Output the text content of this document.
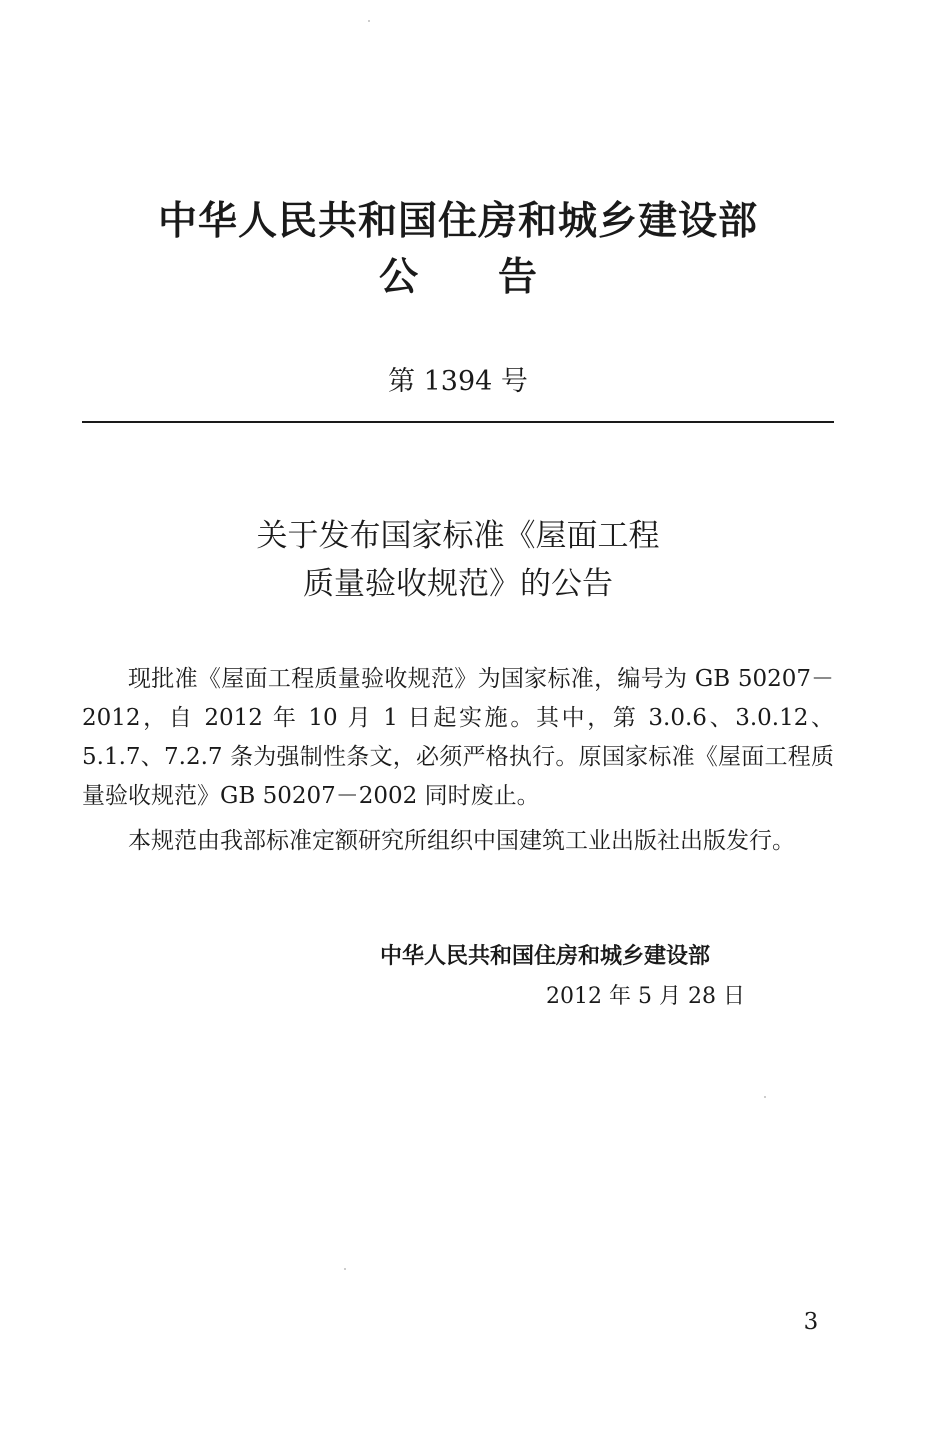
中华人民共和国住房和城乡建设部
公告
第 1394 号
关于发布国家标准《屋面工程
质量验收规范》的公告

现批准《屋面工程质量验收规范》为国家标准，编号为 GB 50207－2012，自 2012 年 10 月 1 日起实施。其中，第 3.0.6、3.0.12、5.1.7、7.2.7 条为强制性条文，必须严格执行。原国家标准《屋面工程质量验收规范》GB 50207－2002 同时废止。

本规范由我部标准定额研究所组织中国建筑工业出版社出版发行。

中华人民共和国住房和城乡建设部
2012 年 5 月 28 日
3
